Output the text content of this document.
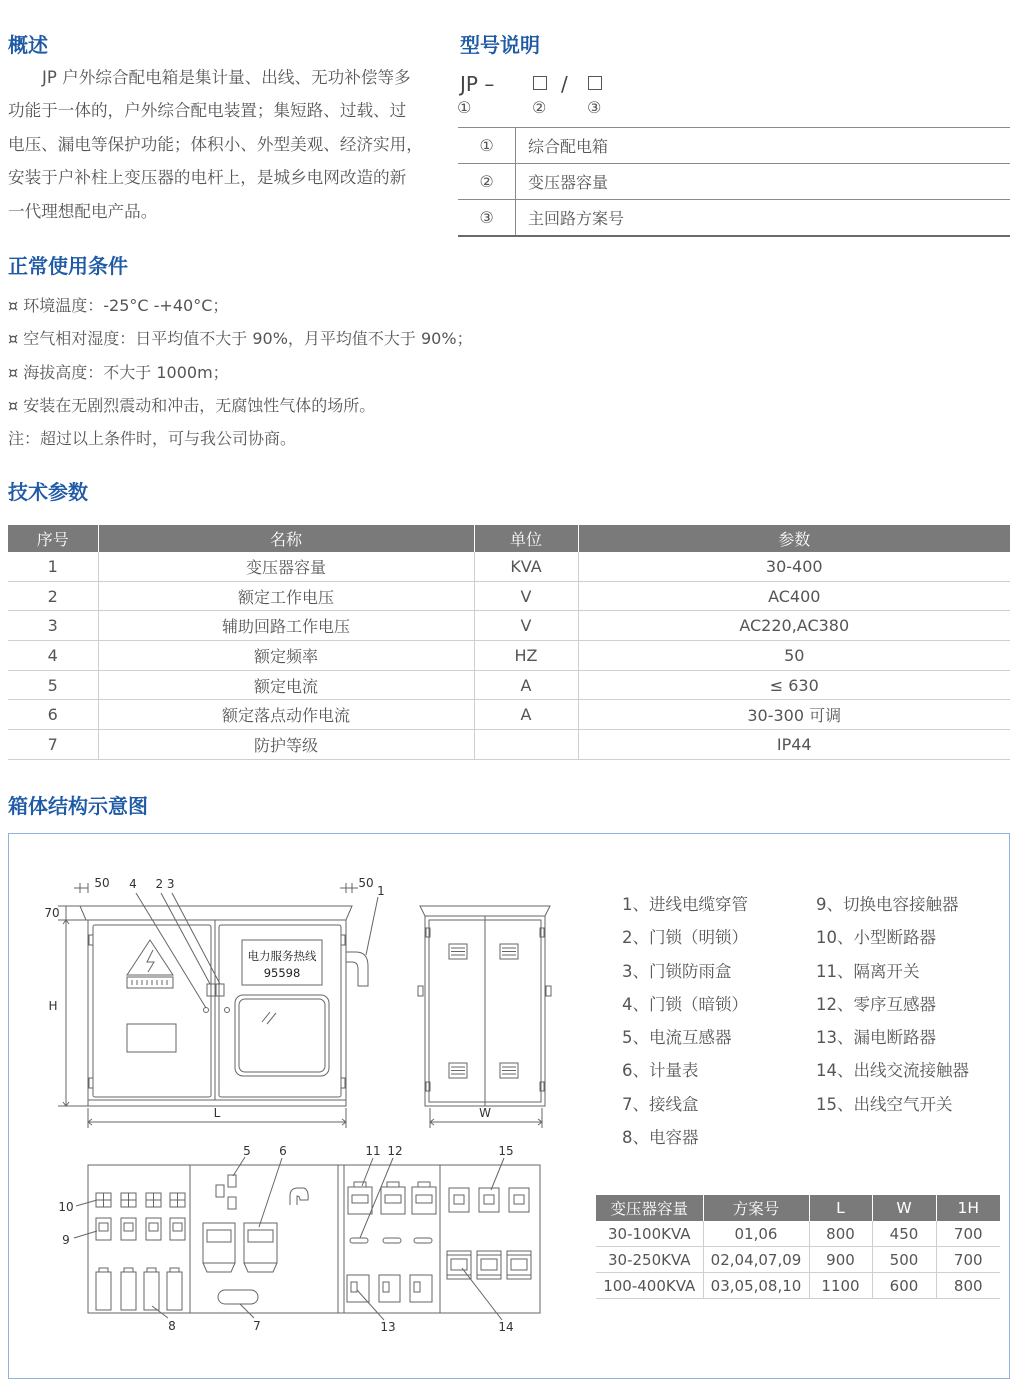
概述
JP 户外综合配电箱是集计量、出线、无功补偿等多
功能于一体的，户外综合配电装置；集短路、过载、过
电压、漏电等保护功能；体积小、外型美观、经济实用，
安装于户补柱上变压器的电杆上，是城乡电网改造的新
一代理想配电产品。
型号说明
JP –	/
①	②	③
①	综合配电箱
②	变压器容量
③	主回路方案号
正常使用条件
¤ 环境温度：-25°C -+40°C；
¤ 空气相对湿度：日平均值不大于 90%，月平均值不大于 90%；
¤ 海拔高度：不大于 1000m；
¤ 安装在无剧烈震动和冲击，无腐蚀性气体的场所。
注：超过以上条件时，可与我公司协商。
技术参数
序号	名称	单位	参数
1	变压器容量	KVA	30-400
2	额定工作电压	V	AC400
3	辅助回路工作电压	V	AC220,AC380
4	额定频率	HZ	50
5	额定电流	A	≤ 630
6	额定落点动作电流	A	30-300 可调
7	防护等级		IP44
箱体结构示意图
50 4 2 3	50
1
70
H
L
电力服务热线
95598
W
10
9
8	7
5 6	11 12	15
13	14
1、进线电缆穿管
2、门锁（明锁）
3、门锁防雨盒
4、门锁（暗锁）
5、电流互感器
6、计量表
7、接线盒
8、电容器
9、切换电容接触器
10、小型断路器
11、隔离开关
12、零序互感器
13、漏电断路器
14、出线交流接触器
15、出线空气开关
变压器容量	方案号	L	W	1H
30-100KVA	01,06	800	450	700
30-250KVA	02,04,07,09	900	500	700
100-400KVA	03,05,08,10	1100	600	800
